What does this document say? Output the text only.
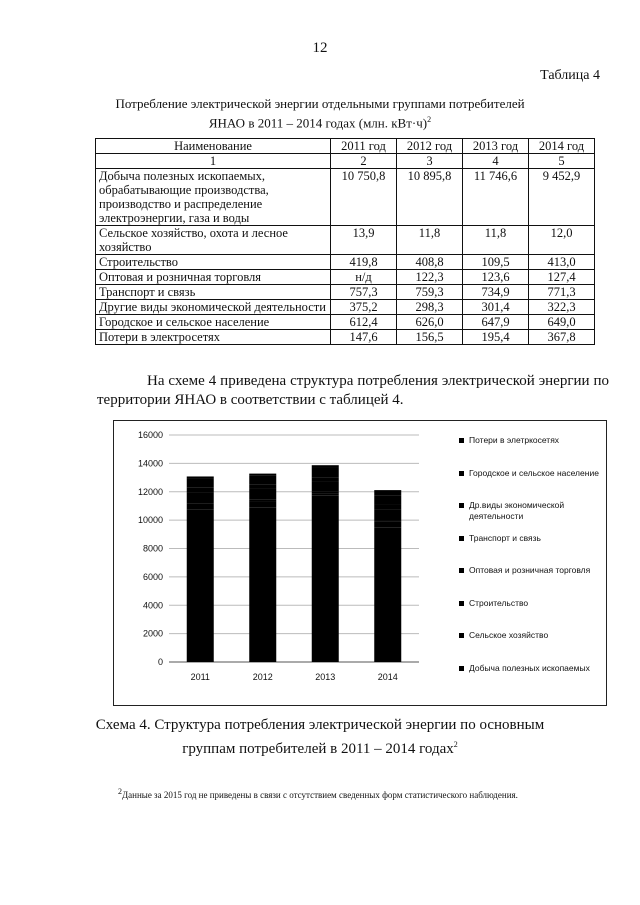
12
Таблица 4
Потребление электрической энергии отдельными группами потребителей
ЯНАО в 2011 – 2014 годах (млн. кВт·ч)$^2$
Наименование	2011 год	2012 год	2013 год	2014 год
1	2	3	4	5
Добыча полезных ископаемых, обрабатывающие производства, производство и распределение электроэнергии, газа и воды	10 750,8	10 895,8	11 746,6	9 452,9
Сельское хозяйство, охота и лесное хозяйство	13,9	11,8	11,8	12,0
Строительство	419,8	408,8	109,5	413,0
Оптовая и розничная торговля	н/д	122,3	123,6	127,4
Транспорт и связь	757,3	759,3	734,9	771,3
Другие виды экономической деятельности	375,2	298,3	301,4	322,3
Городское и сельское население	612,4	626,0	647,9	649,0
Потери в электросетях	147,6	156,5	195,4	367,8
На схеме 4 приведена структура потребления электрической энергии по территории ЯНАО в соответствии с таблицей 4.
0
2000
4000
6000
8000
10000
12000
14000
16000
2011	2012	2013	2014
Потери в элетркосетях
Городское и сельское население
Др.виды экономической деятельности
Транспорт и связь
Оптовая и розничная торговля
Строительство
Сельское хозяйство
Добыча полезных ископаемых
Схема 4. Структура потребления электрической энергии по основным
группам потребителей в 2011 – 2014 годах$^2$
$^2$Данные за 2015 год не приведены в связи с отсутствием сведенных форм статистического наблюдения.
